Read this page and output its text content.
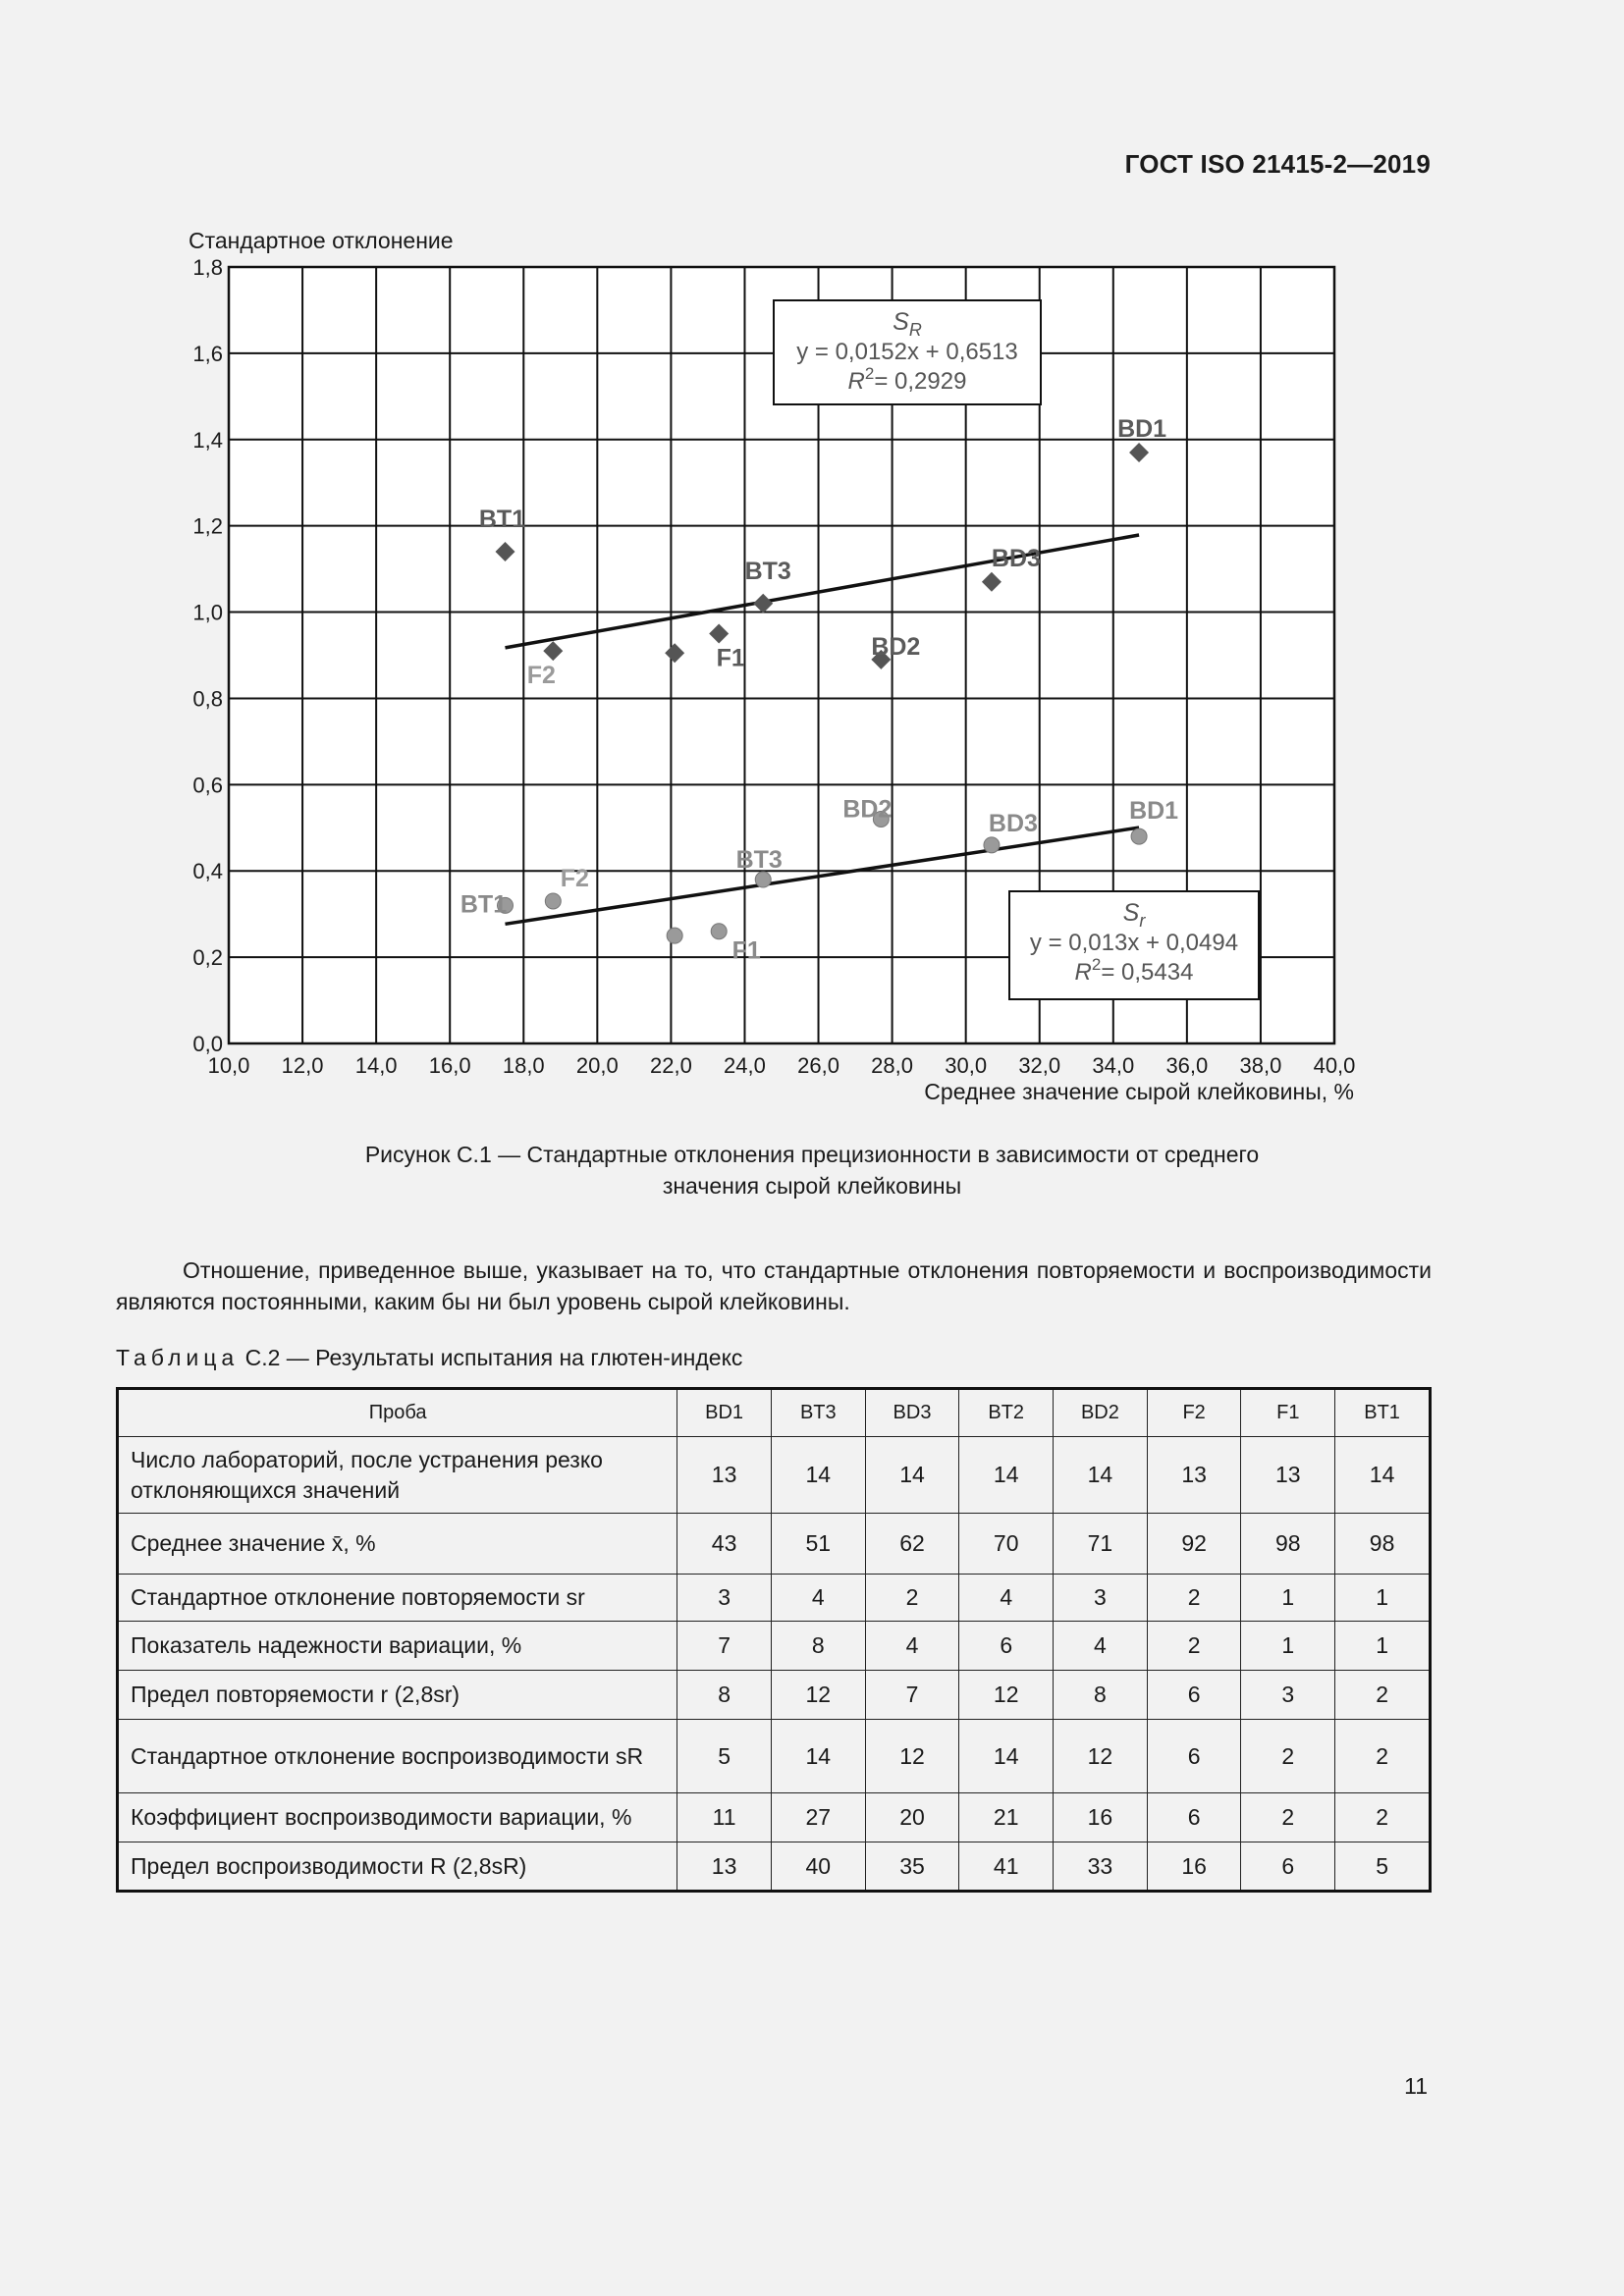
ГОСТ ISO 21415-2—2019
10,0 12,0 14,0 16,0 18,0 20,0 22,0 24,0 26,0 28,0 30,0 32,0 34,0 36,0 38,0 40,0
0,0
0,2
0,4
0,6
0,8
1,0
1,2
1,4
1,6
1,8
Стандартное отклонение
Среднее значение сырой клейковины, %
BT1
F2
F1
BT3
BD2
BD3
BD1
BT1
F2
F1
BT3
BD2
BD3	BD1
$S_R$
y = 0,0152x + 0,6513
$R^2= 0,2929$
$S_r$
y = 0,013x + 0,0494
$R^2= 0,5434$
Рисунок С.1 — Стандартные отклонения прецизионности в зависимости от среднего
значения сырой клейковины
Отношение, приведенное выше, указывает на то, что стандартные отклонения повторяемости и воспроизводимости являются постоянными, каким бы ни был уровень сырой клейковины.
Таблица С.2 — Результаты испытания на глютен-индекс
Проба	BD1	BT3	BD3	BT2	BD2	F2	F1	BT1
Число лабораторий, после устранения резко отклоняющихся значений	13	14	14	14	14	13	13	14
Среднее значение x̄, %	43	51	62	70	71	92	98	98
Стандартное отклонение повторяемости sr	3	4	2	4	3	2	1	1
Показатель надежности вариации, %	7	8	4	6	4	2	1	1
Предел повторяемости r (2,8sr)	8	12	7	12	8	6	3	2
Стандартное отклонение воспроизводимости sR	5	14	12	14	12	6	2	2
Коэффициент воспроизводимости вариации, %	11	27	20	21	16	6	2	2
Предел воспроизводимости R (2,8sR)	13	40	35	41	33	16	6	5
11
